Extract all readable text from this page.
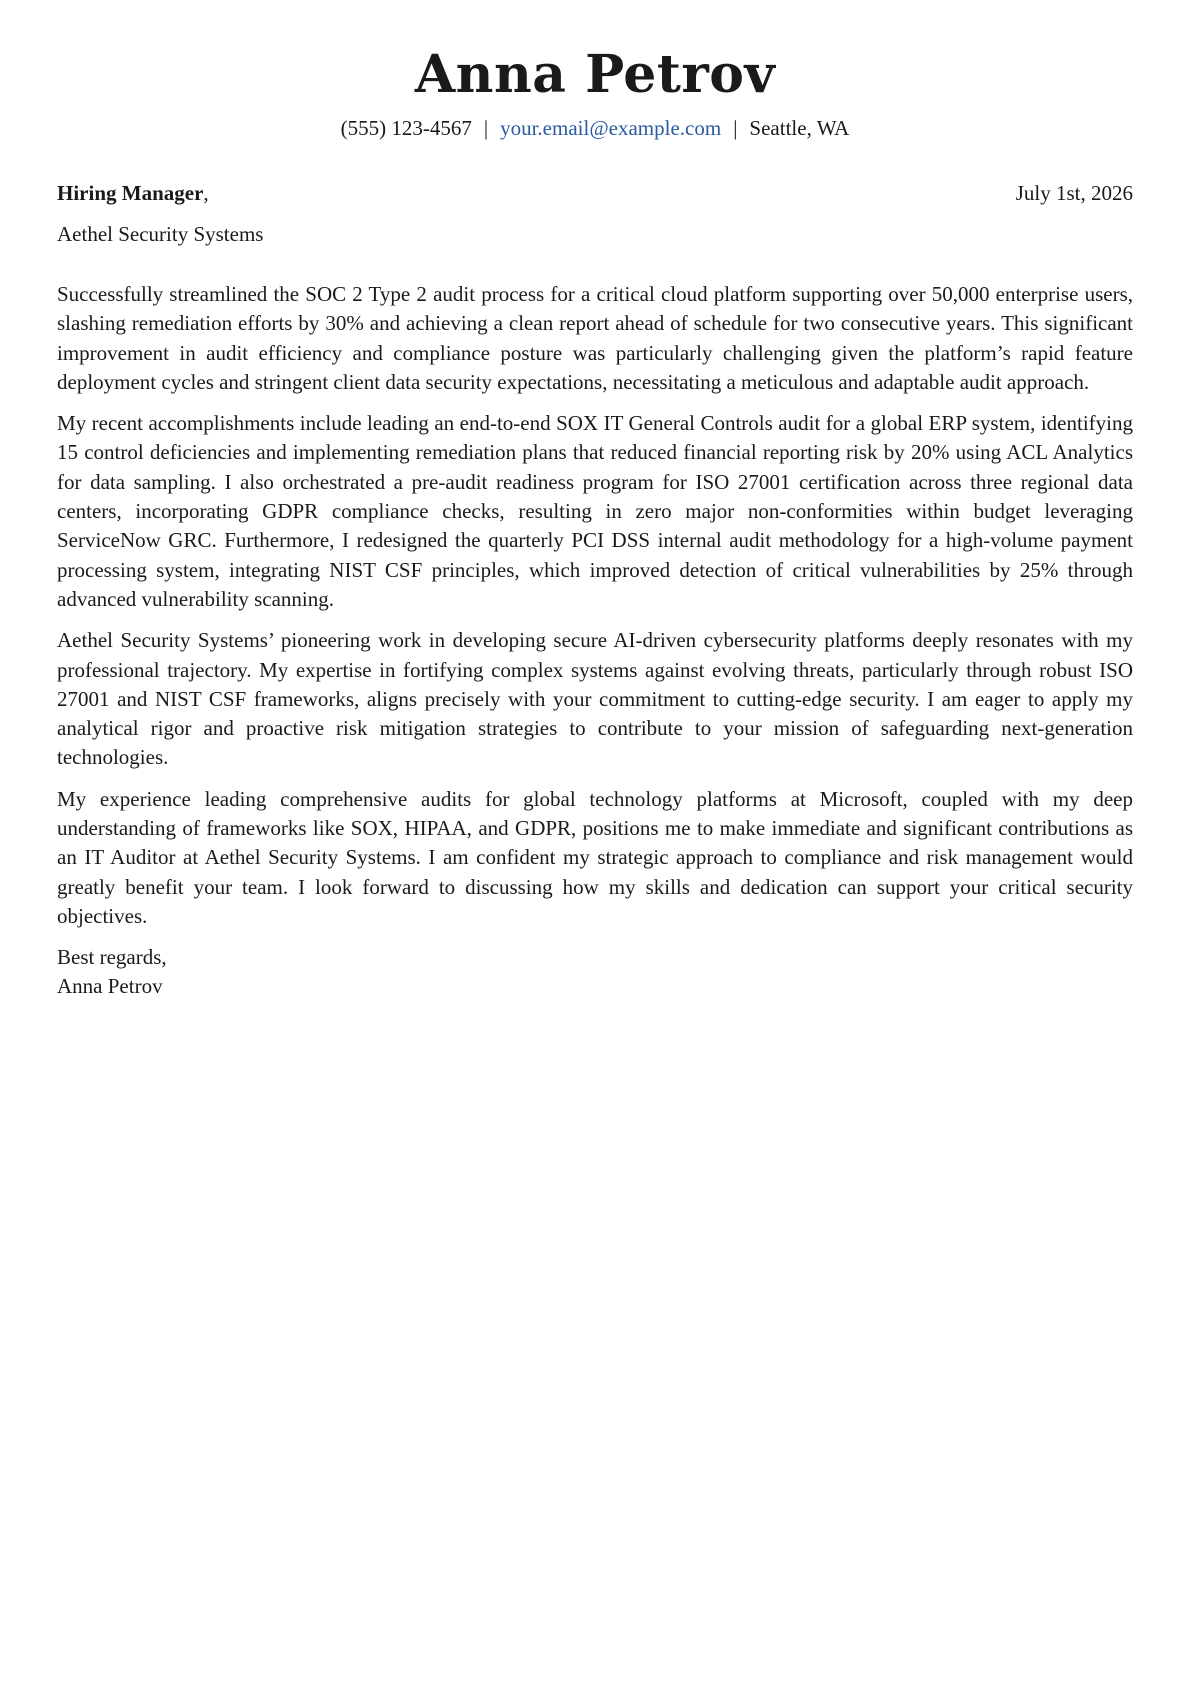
Anna Petrov
(555) 123-4567 | your.email@example.com | Seattle, WA
Hiring Manager,	July 1st, 2026
Aethel Security Systems

Successfully streamlined the SOC 2 Type 2 audit process for a critical cloud platform supporting over 50,000 enterprise users, slashing remediation efforts by 30% and achieving a clean report ahead of schedule for two consecutive years. This significant improvement in audit efficiency and compliance posture was particularly challenging given the platform’s rapid feature deployment cycles and stringent client data security expectations, necessitating a meticulous and adaptable audit approach.

My recent accomplishments include leading an end-to-end SOX IT General Controls audit for a global ERP system, identifying 15 control deficiencies and implementing remediation plans that reduced financial reporting risk by 20% using ACL Analytics for data sampling. I also orchestrated a pre-audit readiness program for ISO 27001 certification across three regional data centers, incorporating GDPR compliance checks, resulting in zero major non-conformities within budget leveraging ServiceNow GRC. Furthermore, I redesigned the quarterly PCI DSS internal audit methodology for a high-volume payment processing system, integrating NIST CSF principles, which improved detection of critical vulnerabilities by 25% through advanced vulnerability scanning.

Aethel Security Systems’ pioneering work in developing secure AI-driven cybersecurity platforms deeply resonates with my professional trajectory. My expertise in fortifying complex systems against evolving threats, particularly through robust ISO 27001 and NIST CSF frameworks, aligns precisely with your commitment to cutting-edge security. I am eager to apply my analytical rigor and proactive risk mitigation strategies to contribute to your mission of safeguarding next-generation technologies.

My experience leading comprehensive audits for global technology platforms at Microsoft, coupled with my deep understanding of frameworks like SOX, HIPAA, and GDPR, positions me to make immediate and significant contributions as an IT Auditor at Aethel Security Systems. I am confident my strategic approach to compliance and risk management would greatly benefit your team. I look forward to discussing how my skills and dedication can support your critical security objectives.

Best regards,
Anna Petrov
